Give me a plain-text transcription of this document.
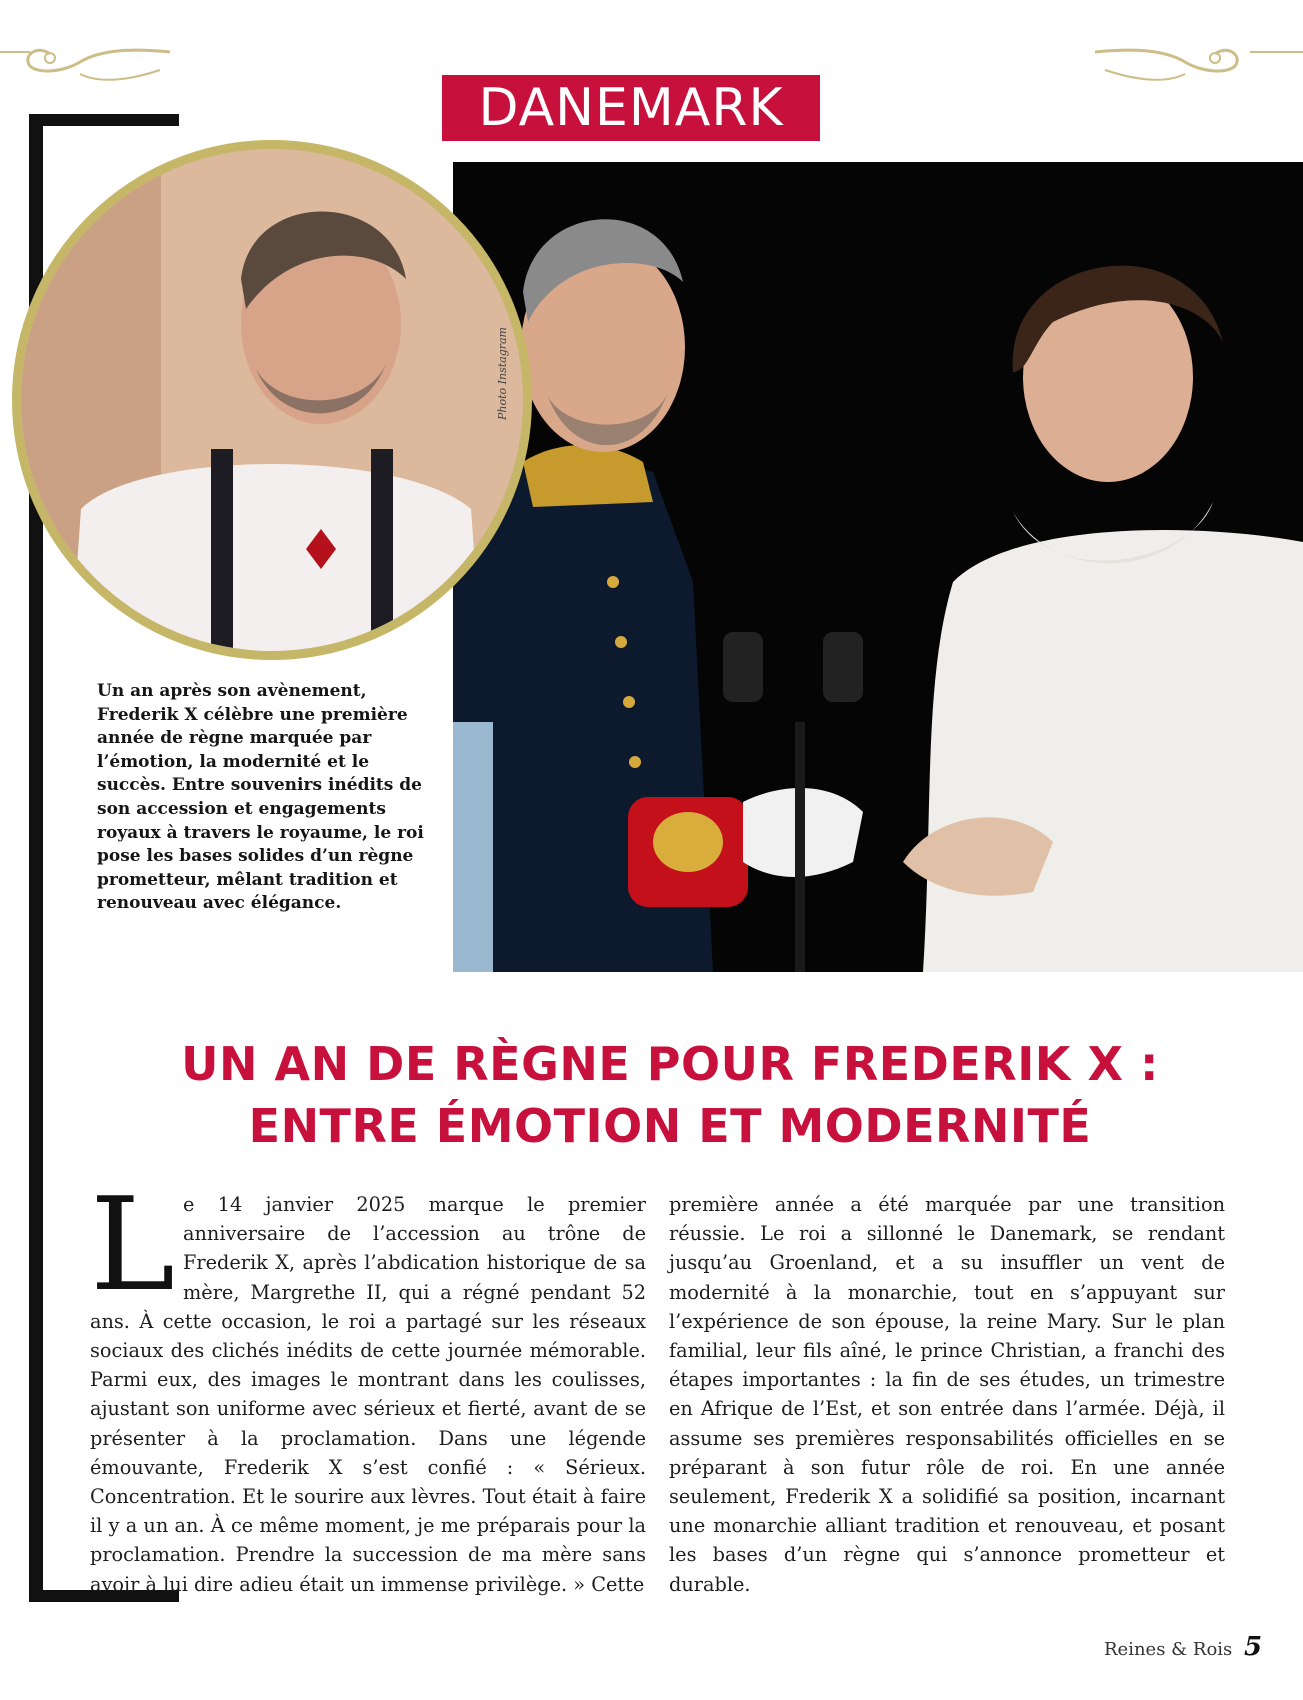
DANEMARK
Photo Instagram
Un an après son avènement, Frederik X célèbre une première année de règne marquée par l’émotion, la modernité et le succès. Entre souvenirs inédits de son accession et engagements royaux à travers le royaume, le roi pose les bases solides d’un règne prometteur, mêlant tradition et renouveau avec élégance.
UN AN DE RÈGNE POUR FREDERIK X :
ENTRE ÉMOTION ET MODERNITÉ
L e 14 janvier 2025 marque le premier anniversaire de l’accession au trône de Frederik X, après l’abdication historique de sa mère, Margrethe II, qui a régné pendant 52 ans. À cette occasion, le roi a partagé sur les réseaux sociaux des clichés inédits de cette journée mémorable. Parmi eux, des images le montrant dans les coulisses, ajustant son uniforme avec sérieux et fierté, avant de se présenter à la proclamation. Dans une légende émouvante, Frederik X s’est confié : « Sérieux. Concentration. Et le sourire aux lèvres. Tout était à faire il y a un an. À ce même moment, je me préparais pour la proclamation. Prendre la succession de ma mère sans avoir à lui dire adieu était un immense privilège. » Cette
première année a été marquée par une transition réussie. Le roi a sillonné le Danemark, se rendant jusqu’au Groenland, et a su insuffler un vent de modernité à la monarchie, tout en s’appuyant sur l’expérience de son épouse, la reine Mary. Sur le plan familial, leur fils aîné, le prince Christian, a franchi des étapes importantes : la fin de ses études, un trimestre en Afrique de l’Est, et son entrée dans l’armée. Déjà, il assume ses premières responsabilités officielles en se préparant à son futur rôle de roi. En une année seulement, Frederik X a solidifié sa position, incarnant une monarchie alliant tradition et renouveau, et posant les bases d’un règne qui s’annonce prometteur et durable.
Reines & Rois 5
